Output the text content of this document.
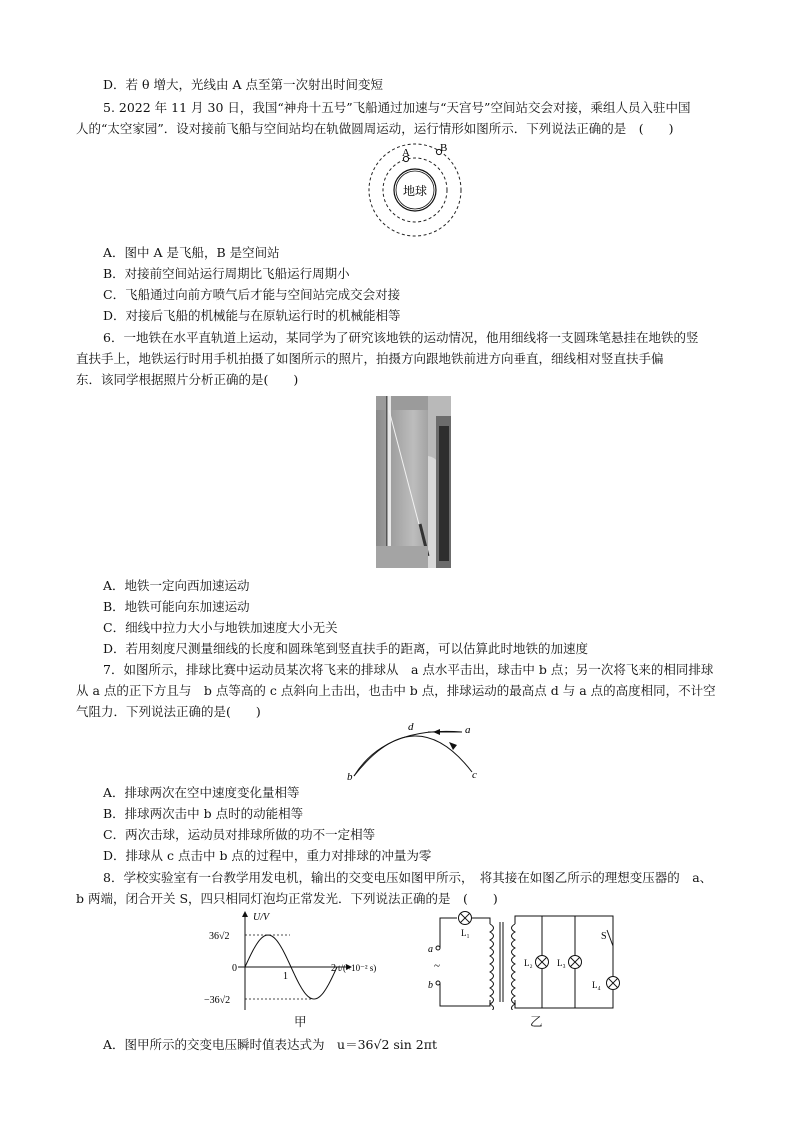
D．若 θ 增大，光线由 A 点至第一次射出时间变短
5. 2022 年 11 月 30 日，我国“神舟十五号”飞船通过加速与“天宫号”空间站交会对接，乘组人员入驻中国
人的“太空家园”．设对接前飞船与空间站均在轨做圆周运动，运行情形如图所示．下列说法正确的是　(　　)
地球
A	B
A．图中 A 是飞船，B 是空间站
B．对接前空间站运行周期比飞船运行周期小
C．飞船通过向前方喷气后才能与空间站完成交会对接
D．对接后飞船的机械能与在原轨运行时的机械能相等
6．一地铁在水平直轨道上运动，某同学为了研究该地铁的运动情况，他用细线将一支圆珠笔悬挂在地铁的竖
直扶手上，地铁运行时用手机拍摄了如图所示的照片，拍摄方向跟地铁前进方向垂直，细线相对竖直扶手偏
东．该同学根据照片分析正确的是(　　)
A．地铁一定向西加速运动
B．地铁可能向东加速运动
C．细线中拉力大小与地铁加速度大小无关
D．若用刻度尺测量细线的长度和圆珠笔到竖直扶手的距离，可以估算此时地铁的加速度
7．如图所示，排球比赛中运动员某次将飞来的排球从　a 点水平击出，球击中 b 点；另一次将飞来的相同排球
从 a 点的正下方且与　b 点等高的 c 点斜向上击出，也击中 b 点，排球运动的最高点 d 与 a 点的高度相同，不计空
气阻力．下列说法正确的是(　　)
d	a
b	c
A．排球两次在空中速度变化量相等
B．排球两次击中 b 点时的动能相等
C．两次击球，运动员对排球所做的功不一定相等
D．排球从 c 点击中 b 点的过程中，重力对排球的冲量为零
8．学校实验室有一台教学用发电机，输出的交变电压如图甲所示，　将其接在如图乙所示的理想变压器的　a、
b 两端，闭合开关 S，四只相同灯泡均正常发光．下列说法正确的是　(　　)
U/V
36√2
−36√2
0
1
2 t/(×10⁻² s)
甲
a
b
~
L₁
L₂	L₃
S
L₄
乙
A．图甲所示的交变电压瞬时值表达式为　u＝36√2 sin 2πt
